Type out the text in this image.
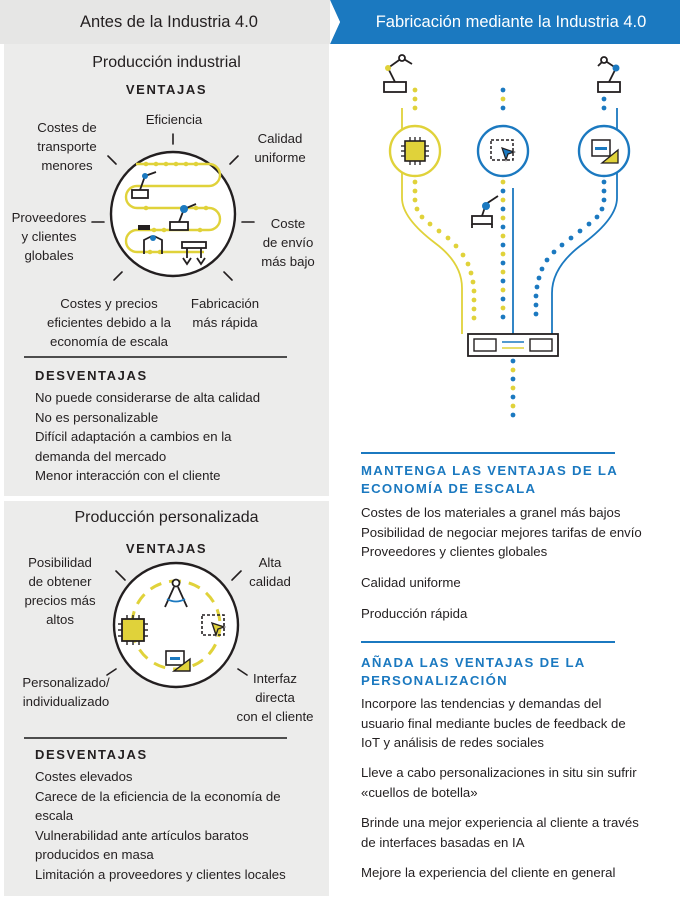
Antes de la Industria 4.0	Fabricación mediante la Industria 4.0
Producción industrial
VENTAJAS
Eficiencia
Costes de
transporte
menores
Calidad
uniforme
Proveedores
y clientes
globales
Coste
de envío
más bajo
Costes y precios
eficientes debido a la
economía de escala
Fabricación
más rápida
DESVENTAJAS
No puede considerarse de alta calidad
No es personalizable
Difícil adaptación a cambios en la
demanda del mercado
Menor interacción con el cliente
Producción personalizada
VENTAJAS
Posibilidad
de obtener
precios más
altos
Alta
calidad
Personalizado/
individualizado
Interfaz
directa
con el cliente
DESVENTAJAS
Costes elevados
Carece de la eficiencia de la economía de
escala
Vulnerabilidad ante artículos baratos
producidos en masa
Limitación a proveedores y clientes locales
MANTENGA LAS VENTAJAS DE LA
ECONOMÍA DE ESCALA
Costes de los materiales a granel más bajos
Posibilidad de negociar mejores tarifas de envío
Proveedores y clientes globales
Calidad uniforme
Producción rápida
AÑADA LAS VENTAJAS DE LA
PERSONALIZACIÓN
Incorpore las tendencias y demandas del
usuario final mediante bucles de feedback de
IoT y análisis de redes sociales
Lleve a cabo personalizaciones in situ sin sufrir
«cuellos de botella»
Brinde una mejor experiencia al cliente a través
de interfaces basadas en IA
Mejore la experiencia del cliente en general
